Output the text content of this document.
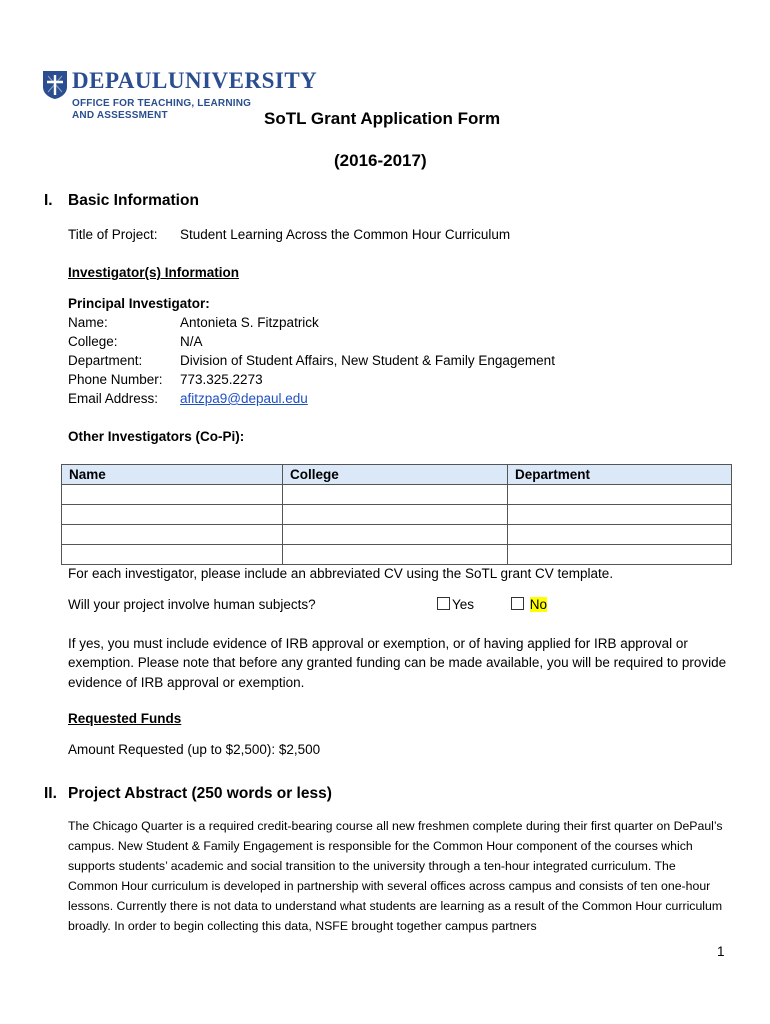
DEPAULUNIVERSITY
OFFICE FOR TEACHING, LEARNING
AND ASSESSMENT	SoTL Grant Application Form
(2016-2017)
I. Basic Information
Title of Project: Student Learning Across the Common Hour Curriculum
Investigator(s) Information
Principal Investigator:
Name:	Antonieta S. Fitzpatrick
College:	N/A
Department:	Division of Student Affairs, New Student & Family Engagement
Phone Number: 773.325.2273
Email Address: afitzpa9@depaul.edu
Other Investigators (Co-Pi):
Name	College	Department

For each investigator, please include an abbreviated CV using the SoTL grant CV template.
Will your project involve human subjects?	Yes	No
If yes, you must include evidence of IRB approval or exemption, or of having applied for IRB approval or exemption. Please note that before any granted funding can be made available, you will be required to provide evidence of IRB approval or exemption.
Requested Funds
Amount Requested (up to $2,500): $2,500
II. Project Abstract (250 words or less)
The Chicago Quarter is a required credit-bearing course all new freshmen complete during their first quarter on DePaul’s campus. New Student & Family Engagement is responsible for the Common Hour component of the courses which supports students’ academic and social transition to the university through a ten-hour integrated curriculum. The Common Hour curriculum is developed in partnership with several offices across campus and consists of ten one-hour lessons. Currently there is not data to understand what students are learning as a result of the Common Hour curriculum broadly. In order to begin collecting this data, NSFE brought together campus partners
1
